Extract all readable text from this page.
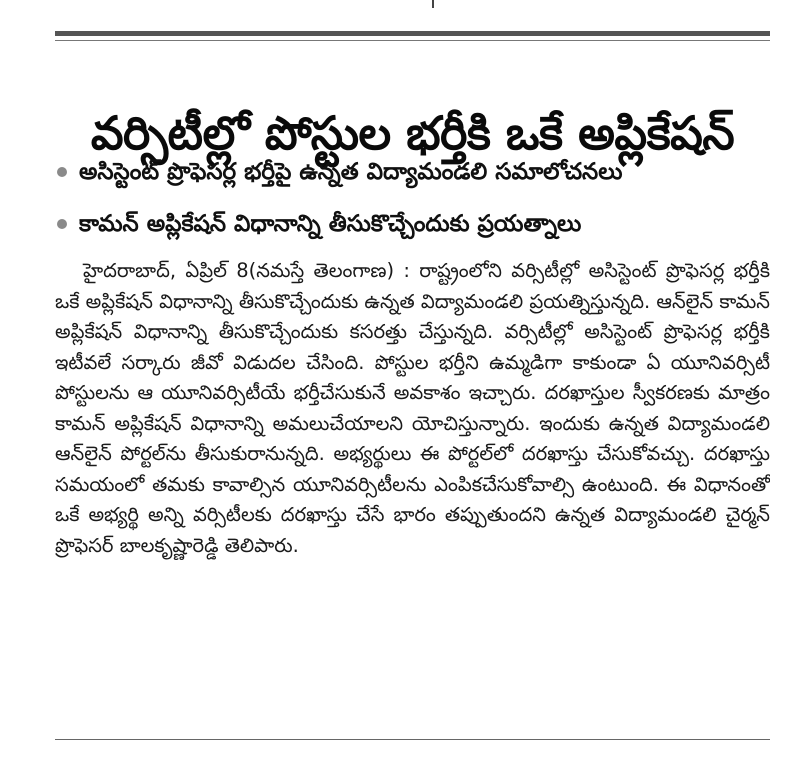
వర్సిటీల్లో పోస్టుల భర్తీకి ఒకే అప్లికేషన్
అసిస్టెంట్ ప్రొఫెసర్ల భర్తీపై ఉన్నత విద్యామండలి సమాలోచనలు
కామన్ అప్లికేషన్ విధానాన్ని తీసుకొచ్చేందుకు ప్రయత్నాలు

హైదరాబాద్, ఏప్రిల్ 8(నమస్తే తెలంగాణ) : రాష్ట్రంలోని వర్సిటీల్లో అసిస్టెంట్ ప్రొఫెసర్ల భర్తీకి ఒకే అప్లికేషన్ విధానాన్ని తీసుకొచ్చేందుకు ఉన్నత విద్యామండలి ప్రయత్నిస్తున్నది. ఆన్‌లైన్ కామన్ అప్లికేషన్ విధానాన్ని తీసుకొచ్చేందుకు కసరత్తు చేస్తున్నది. వర్సిటీల్లో అసిస్టెంట్ ప్రొఫెసర్ల భర్తీకి ఇటీవలే సర్కారు జీవో విడుదల చేసింది. పోస్టుల భర్తీని ఉమ్మడిగా కాకుండా ఏ యూనివర్సిటీ పోస్టులను ఆ యూనివర్సిటీయే భర్తీచేసుకునే అవకాశం ఇచ్చారు. దరఖాస్తుల స్వీకరణకు మాత్రం కామన్ అప్లికేషన్ విధానాన్ని అమలుచేయాలని యోచిస్తున్నారు. ఇందుకు ఉన్నత విద్యామండలి ఆన్‌లైన్ పోర్టల్‌ను తీసుకురానున్నది. అభ్యర్థులు ఈ పోర్టల్‌లో దరఖాస్తు చేసుకోవచ్చు. దరఖాస్తు సమయంలో తమకు కావాల్సిన యూనివర్సిటీలను ఎంపికచేసుకోవాల్సి ఉంటుంది. ఈ విధానంతో ఒకే అభ్యర్థి అన్ని వర్సిటీలకు దరఖాస్తు చేసే భారం తప్పుతుందని ఉన్నత విద్యామండలి చైర్మన్ ప్రొఫెసర్ బాలకృష్ణారెడ్డి తెలిపారు.
